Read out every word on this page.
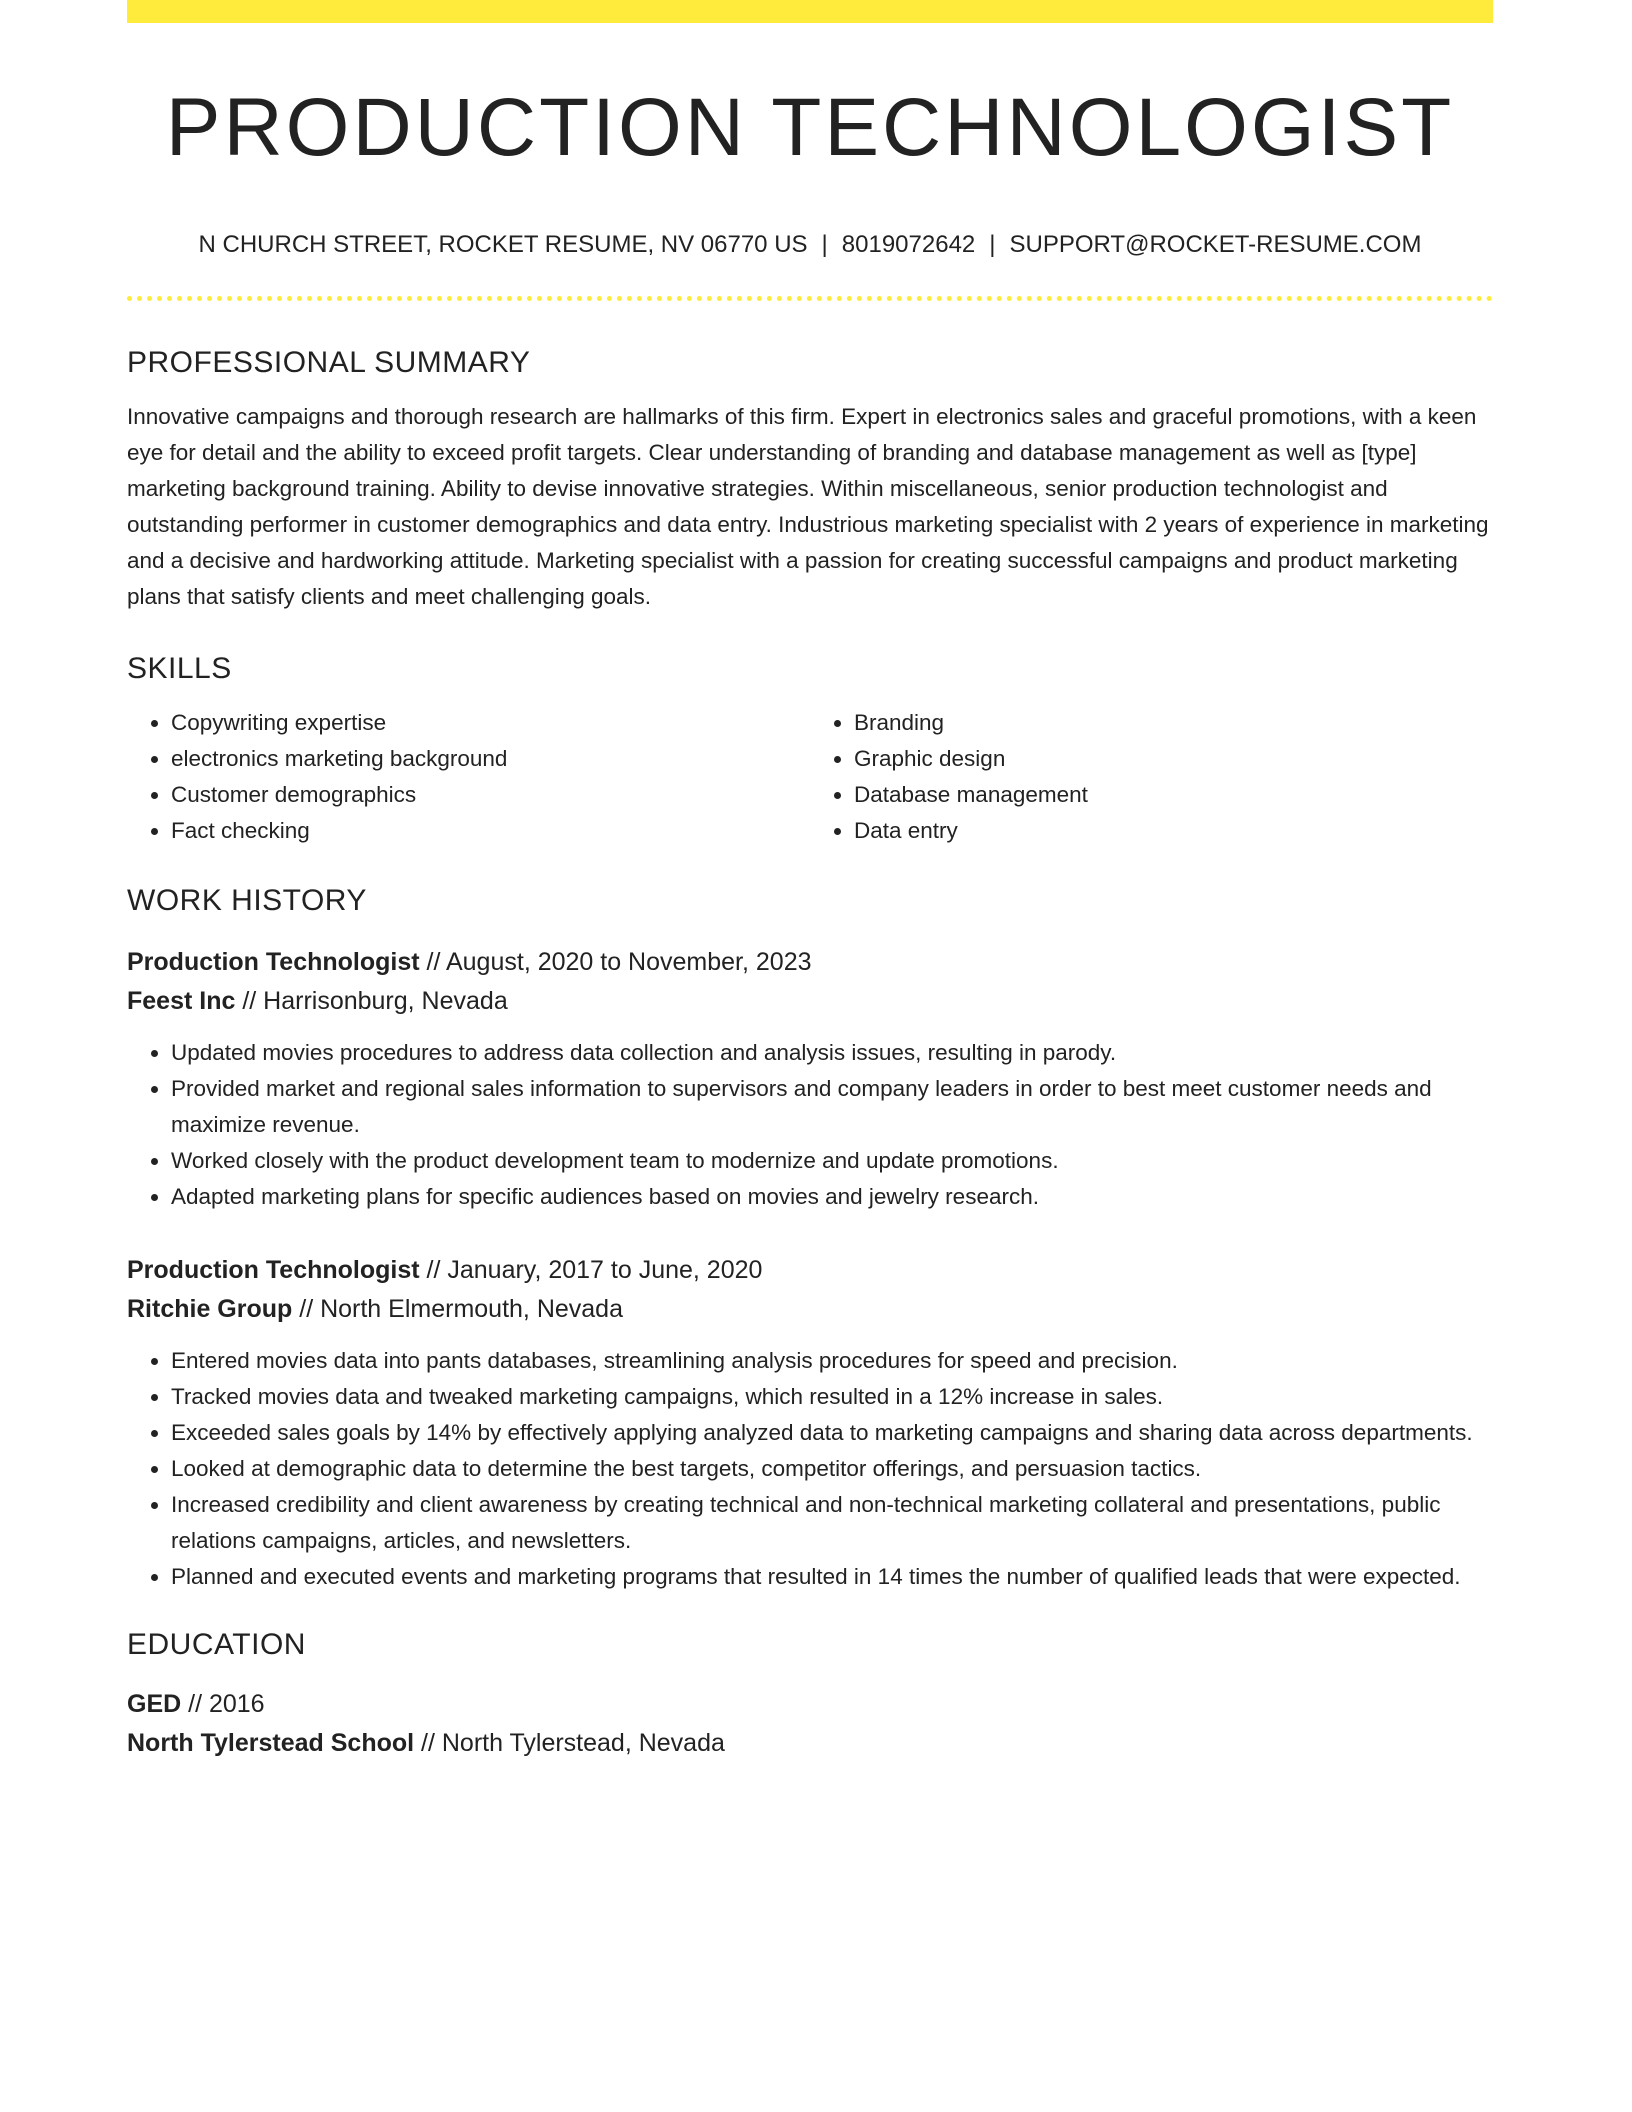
PRODUCTION TECHNOLOGIST
N CHURCH STREET, ROCKET RESUME, NV 06770 US | 8019072642 | SUPPORT@ROCKET-RESUME.COM
PROFESSIONAL SUMMARY

Innovative campaigns and thorough research are hallmarks of this firm. Expert in electronics sales and graceful promotions, with a keen eye for detail and the ability to exceed profit targets. Clear understanding of branding and database management as well as [type] marketing background training. Ability to devise innovative strategies. Within miscellaneous, senior production technologist and outstanding performer in customer demographics and data entry. Industrious marketing specialist with 2 years of experience in marketing and a decisive and hardworking attitude. Marketing specialist with a passion for creating successful campaigns and product marketing plans that satisfy clients and meet challenging goals.

SKILLS
• Copywriting expertise
• electronics marketing background
• Customer demographics
• Fact checking
• Branding
• Graphic design
• Database management
• Data entry
WORK HISTORY
Production Technologist // August, 2020 to November, 2023
Feest Inc // Harrisonburg, Nevada
• Updated movies procedures to address data collection and analysis issues, resulting in parody.
• Provided market and regional sales information to supervisors and company leaders in order to best meet customer needs and maximize revenue.
• Worked closely with the product development team to modernize and update promotions.
• Adapted marketing plans for specific audiences based on movies and jewelry research.
Production Technologist // January, 2017 to June, 2020
Ritchie Group // North Elmermouth, Nevada
• Entered movies data into pants databases, streamlining analysis procedures for speed and precision.
• Tracked movies data and tweaked marketing campaigns, which resulted in a 12% increase in sales.
• Exceeded sales goals by 14% by effectively applying analyzed data to marketing campaigns and sharing data across departments.
• Looked at demographic data to determine the best targets, competitor offerings, and persuasion tactics.
• Increased credibility and client awareness by creating technical and non-technical marketing collateral and presentations, public relations campaigns, articles, and newsletters.
• Planned and executed events and marketing programs that resulted in 14 times the number of qualified leads that were expected.
EDUCATION
GED // 2016
North Tylerstead School // North Tylerstead, Nevada
